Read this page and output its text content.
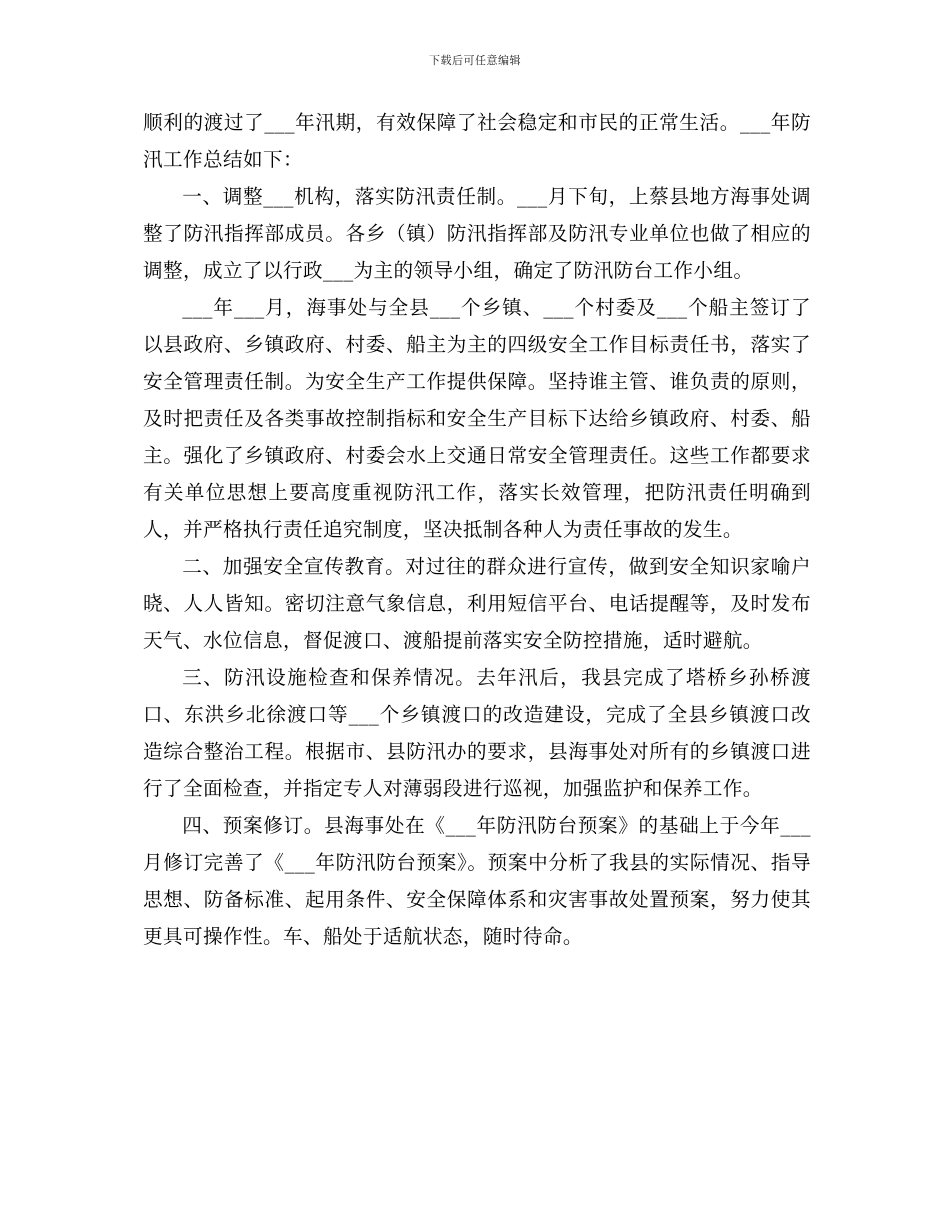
下载后可任意编辑

顺利的渡过了___年汛期，有效保障了社会稳定和市民的正常生活。___年防汛工作总结如下：

一、调整___机构，落实防汛责任制。___月下旬，上蔡县地方海事处调整了防汛指挥部成员。各乡（镇）防汛指挥部及防汛专业单位也做了相应的调整，成立了以行政___为主的领导小组，确定了防汛防台工作小组。

___年___月，海事处与全县___个乡镇、___个村委及___个船主签订了以县政府、乡镇政府、村委、船主为主的四级安全工作目标责任书，落实了安全管理责任制。为安全生产工作提供保障。坚持谁主管、谁负责的原则，及时把责任及各类事故控制指标和安全生产目标下达给乡镇政府、村委、船主。强化了乡镇政府、村委会水上交通日常安全管理责任。这些工作都要求有关单位思想上要高度重视防汛工作，落实长效管理，把防汛责任明确到人，并严格执行责任追究制度，坚决抵制各种人为责任事故的发生。

二、加强安全宣传教育。对过往的群众进行宣传，做到安全知识家喻户晓、人人皆知。密切注意气象信息，利用短信平台、电话提醒等，及时发布天气、水位信息，督促渡口、渡船提前落实安全防控措施，适时避航。

三、防汛设施检查和保养情况。去年汛后，我县完成了塔桥乡孙桥渡口、东洪乡北徐渡口等___个乡镇渡口的改造建设，完成了全县乡镇渡口改造综合整治工程。根据市、县防汛办的要求，县海事处对所有的乡镇渡口进行了全面检查，并指定专人对薄弱段进行巡视，加强监护和保养工作。

四、预案修订。县海事处在《___年防汛防台预案》的基础上于今年___月修订完善了《___年防汛防台预案》。预案中分析了我县的实际情况、指导思想、防备标准、起用条件、安全保障体系和灾害事故处置预案，努力使其更具可操作性。车、船处于适航状态，随时待命。
